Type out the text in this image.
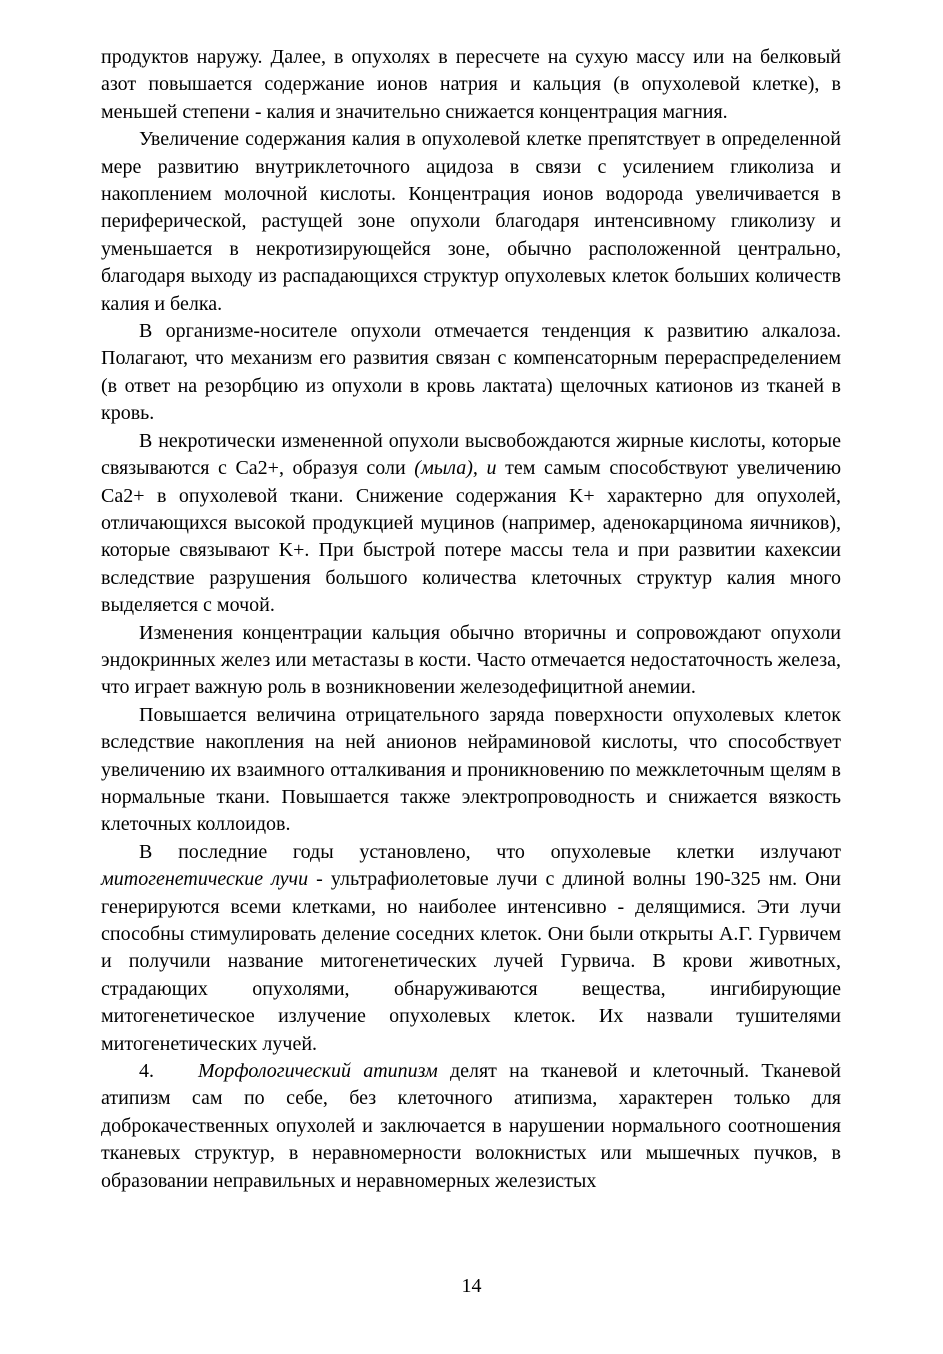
продуктов наружу. Далее, в опухолях в пересчете на сухую массу или на белковый азот повышается содержание ионов натрия и кальция (в опухолевой клетке), в меньшей степени - калия и значительно снижается концентрация магния.

Увеличение содержания калия в опухолевой клетке препятствует в определенной мере развитию внутриклеточного ацидоза в связи с усилением гликолиза и накоплением молочной кислоты. Концентрация ионов водорода увеличивается в периферической, растущей зоне опухоли благодаря интенсивному гликолизу и уменьшается в некротизирующейся зоне, обычно расположенной центрально, благодаря выходу из распадающихся структур опухолевых клеток больших количеств калия и белка.

В организме-носителе опухоли отмечается тенденция к развитию алкалоза. Полагают, что механизм его развития связан с компенсаторным перераспределением (в ответ на резорбцию из опухоли в кровь лактата) щелочных катионов из тканей в кровь.

В некротически измененной опухоли высвобождаются жирные кислоты, которые связываются с Ca2+, образуя соли (мыла), и тем самым способствуют увеличению Ca2+ в опухолевой ткани. Снижение содержания K+ характерно для опухолей, отличающихся высокой продукцией муцинов (например, аденокарцинома яичников), которые связывают K+. При быстрой потере массы тела и при развитии кахексии вследствие разрушения большого количества клеточных структур калия много выделяется с мочой.

Изменения концентрации кальция обычно вторичны и сопровождают опухоли эндокринных желез или метастазы в кости. Часто отмечается недостаточность железа, что играет важную роль в возникновении железодефицитной анемии.

Повышается величина отрицательного заряда поверхности опухолевых клеток вследствие накопления на ней анионов нейраминовой кислоты, что способствует увеличению их взаимного отталкивания и проникновению по межклеточным щелям в нормальные ткани. Повышается также электропроводность и снижается вязкость клеточных коллоидов.

В последние годы установлено, что опухолевые клетки излучают митогенетические лучи - ультрафиолетовые лучи с длиной волны 190-325 нм. Они генерируются всеми клетками, но наиболее интенсивно - делящимися. Эти лучи способны стимулировать деление соседних клеток. Они были открыты А.Г. Гурвичем и получили название митогенетических лучей Гурвича. В крови животных, страдающих опухолями, обнаруживаются вещества, ингибирующие митогенетическое излучение опухолевых клеток. Их назвали тушителями митогенетических лучей.

4. Морфологический атипизм делят на тканевой и клеточный. Тканевой атипизм сам по себе, без клеточного атипизма, характерен только для доброкачественных опухолей и заключается в нарушении нормального соотношения тканевых структур, в неравномерности волокнистых или мышечных пучков, в образовании неправильных и неравномерных железистых

14
